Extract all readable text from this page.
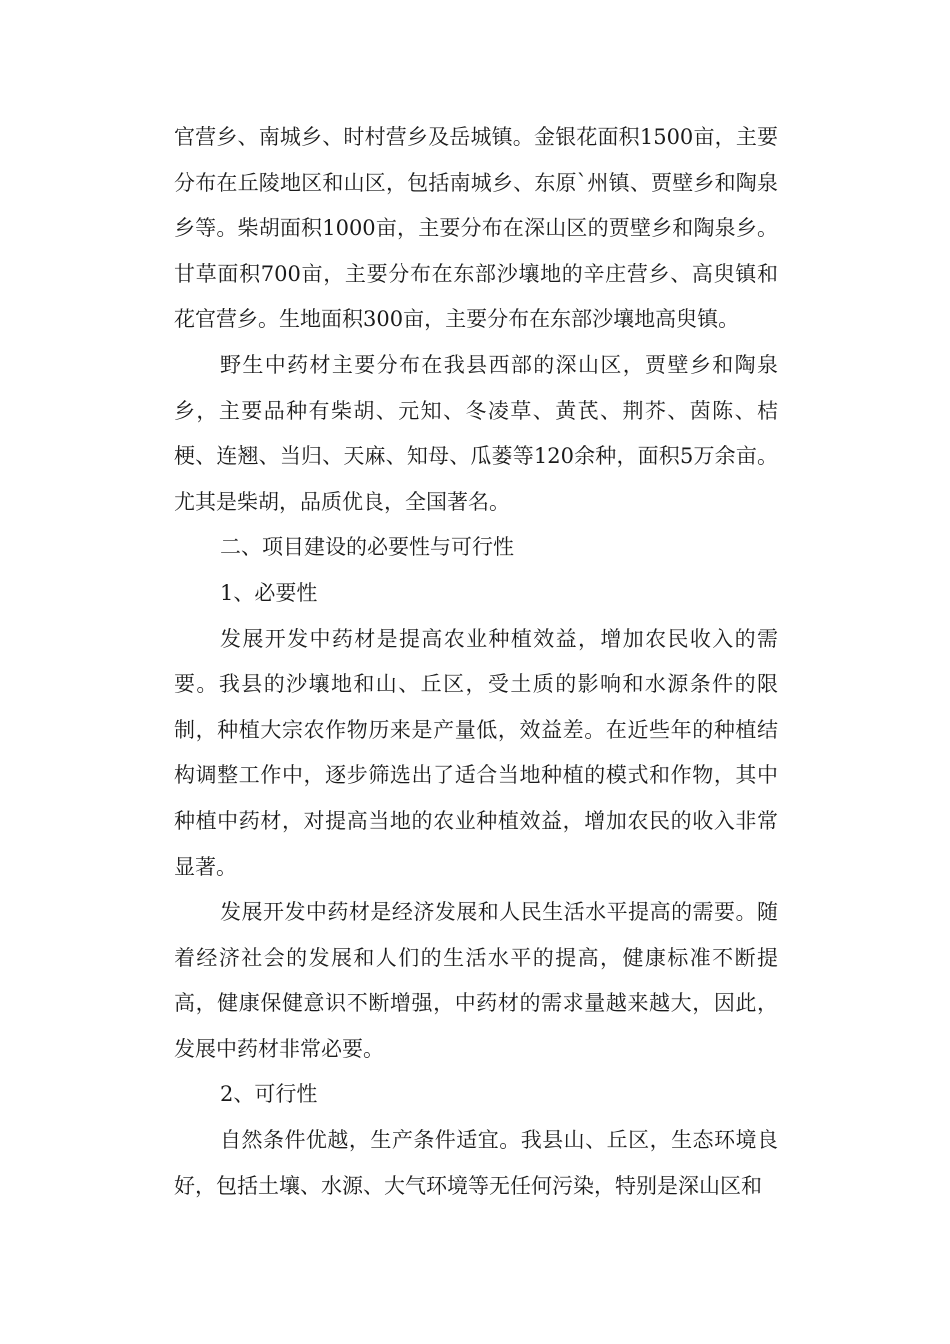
官营乡、南城乡、时村营乡及岳城镇。金银花面积1500亩，主要分布在丘陵地区和山区，包括南城乡、东原`州镇、贾壁乡和陶泉乡等。柴胡面积1000亩，主要分布在深山区的贾壁乡和陶泉乡。甘草面积700亩，主要分布在东部沙壤地的辛庄营乡、高臾镇和花官营乡。生地面积300亩，主要分布在东部沙壤地高臾镇。

野生中药材主要分布在我县西部的深山区，贾壁乡和陶泉乡，主要品种有柴胡、元知、冬凌草、黄芪、荆芥、茵陈、桔梗、连翘、当归、天麻、知母、瓜蒌等120余种，面积5万余亩。尤其是柴胡，品质优良，全国著名。

二、项目建设的必要性与可行性

1、必要性

发展开发中药材是提高农业种植效益，增加农民收入的需要。我县的沙壤地和山、丘区，受土质的影响和水源条件的限制，种植大宗农作物历来是产量低，效益差。在近些年的种植结构调整工作中，逐步筛选出了适合当地种植的模式和作物，其中种植中药材，对提高当地的农业种植效益，增加农民的收入非常显著。

发展开发中药材是经济发展和人民生活水平提高的需要。随着经济社会的发展和人们的生活水平的提高，健康标准不断提高，健康保健意识不断增强，中药材的需求量越来越大，因此，发展中药材非常必要。

2、可行性

自然条件优越，生产条件适宜。我县山、丘区，生态环境良好，包括土壤、水源、大气环境等无任何污染，特别是深山区和
